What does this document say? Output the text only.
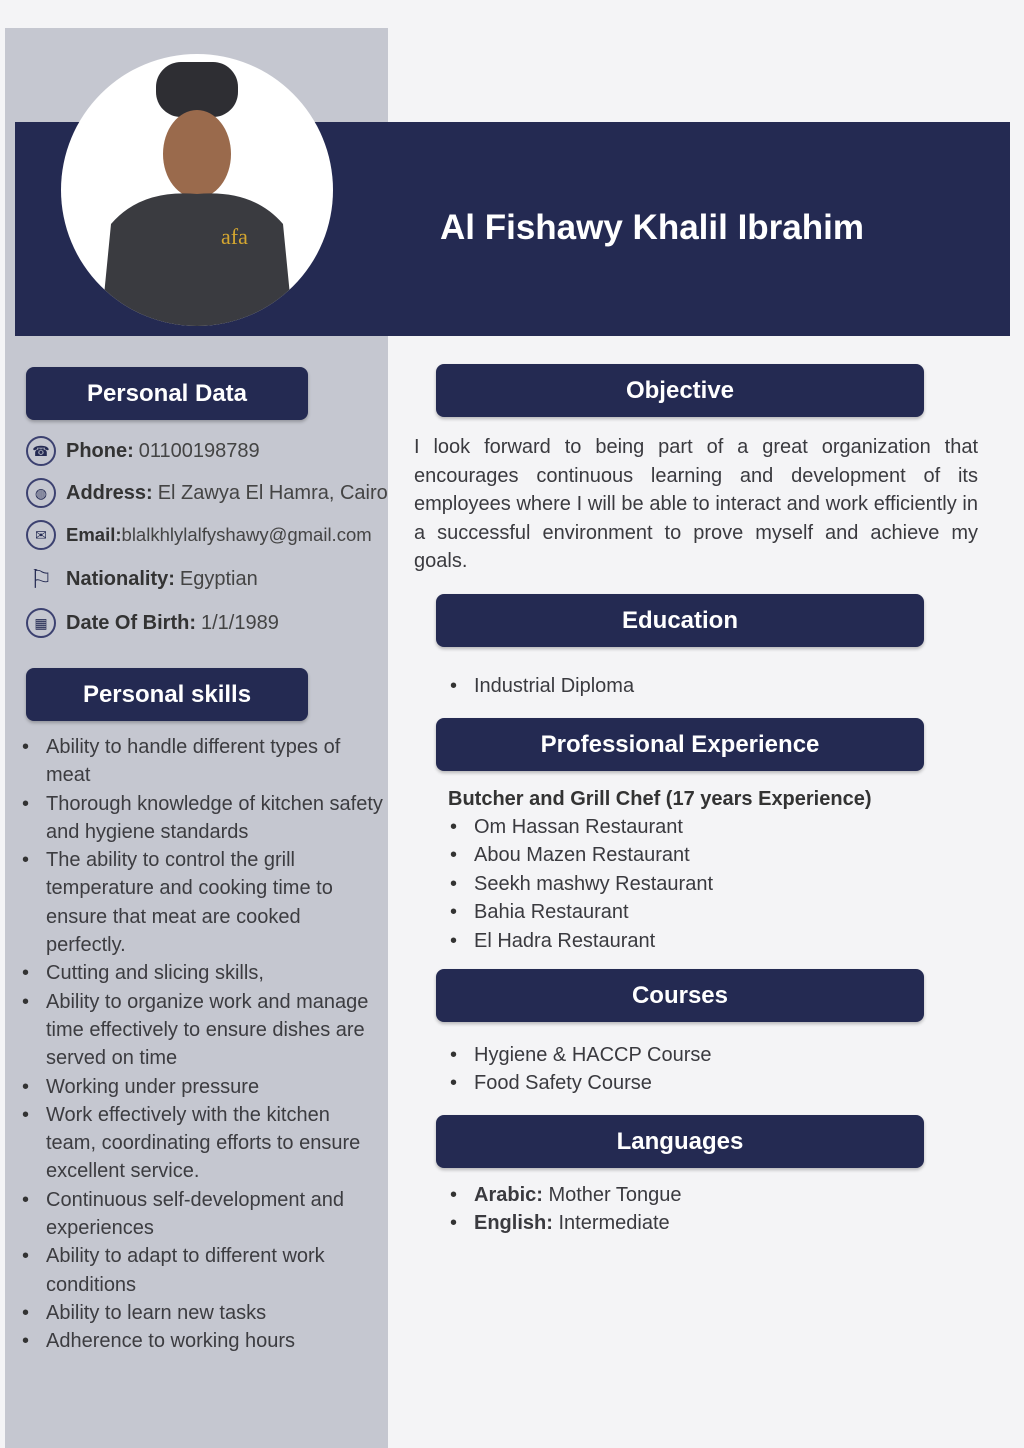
afa	Al Fishawy Khalil Ibrahim
Personal Data
☎ Phone: 01100198789
◍ Address: El Zawya El Hamra, Cairo
✉	Email: blalkhlylalfyshawy@gmail.com
⚐ Nationality: Egyptian
▦ Date Of Birth: 1/1/1989
Personal skills
• Ability to handle different types of meat
• Thorough knowledge of kitchen safety and hygiene standards
• The ability to control the grill temperature and cooking time to ensure that meat are cooked perfectly.
• Cutting and slicing skills,
• Ability to organize work and manage time effectively to ensure dishes are served on time
• Working under pressure
• Work effectively with the kitchen team, coordinating efforts to ensure excellent service.
• Continuous self-development and experiences
• Ability to adapt to different work conditions
• Ability to learn new tasks
• Adherence to working hours
Objective
I look forward to being part of a great organization that encourages continuous learning and development of its employees where I will be able to interact and work efficiently in a successful environment to prove myself and achieve my goals.
Education
• Industrial Diploma
Professional Experience
Butcher and Grill Chef (17 years Experience)
• Om Hassan Restaurant
• Abou Mazen Restaurant
• Seekh mashwy Restaurant
• Bahia Restaurant
• El Hadra Restaurant
Courses
• Hygiene & HACCP Course
• Food Safety Course
Languages
• Arabic: Mother Tongue
• English: Intermediate
